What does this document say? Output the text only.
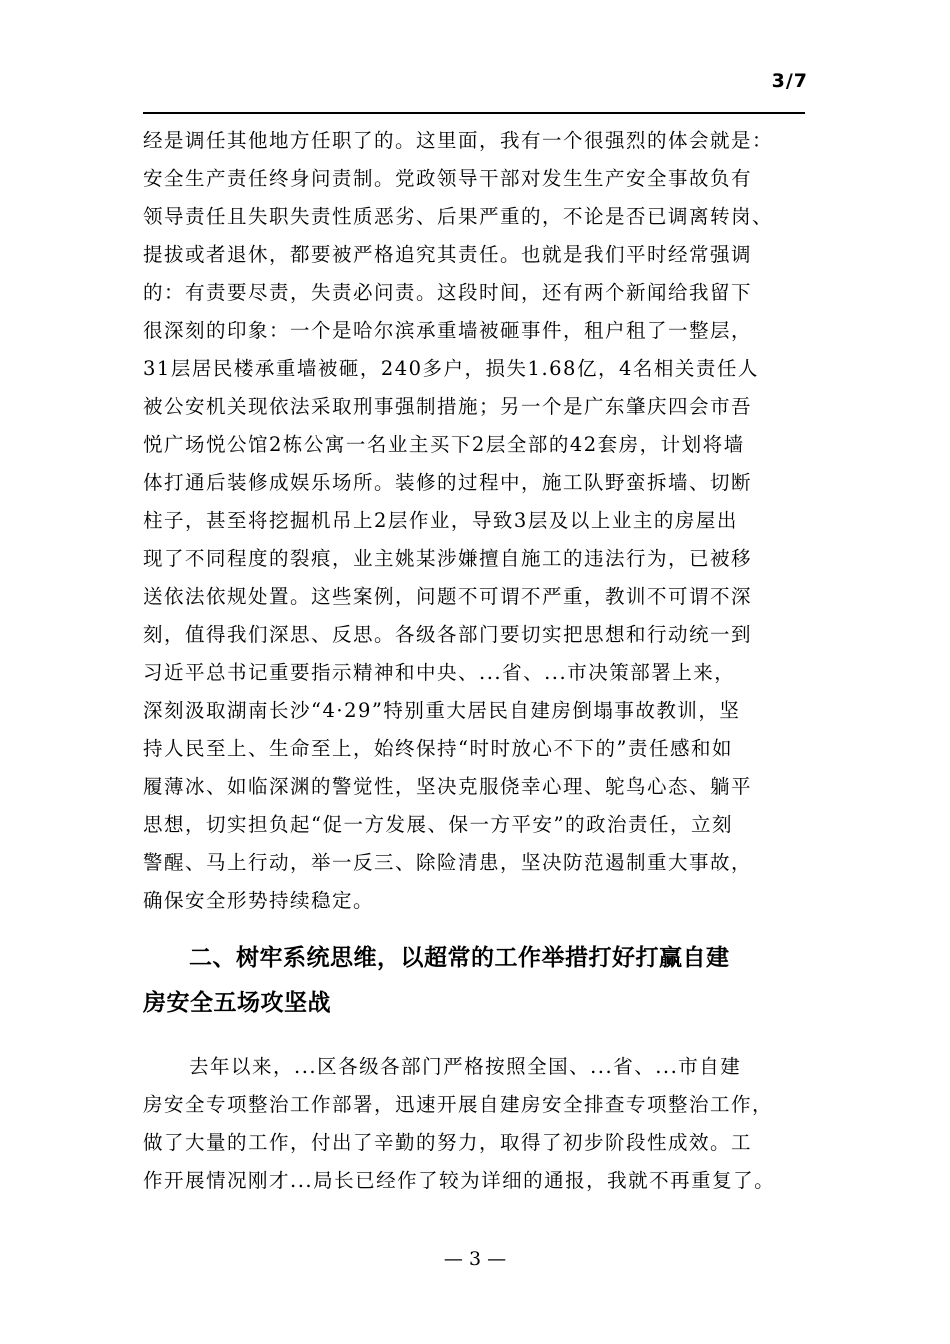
3/7
经是调任其他地方任职了的。这里面，我有一个很强烈的体会就是：
安全生产责任终身问责制。党政领导干部对发生生产安全事故负有
领导责任且失职失责性质恶劣、后果严重的，不论是否已调离转岗、
提拔或者退休，都要被严格追究其责任。也就是我们平时经常强调
的：有责要尽责，失责必问责。这段时间，还有两个新闻给我留下
很深刻的印象：一个是哈尔滨承重墙被砸事件，租户租了一整层，
31层居民楼承重墙被砸，240多户，损失1.68亿，4名相关责任人
被公安机关现依法采取刑事强制措施；另一个是广东肇庆四会市吾
悦广场悦公馆2栋公寓一名业主买下2层全部的42套房，计划将墙
体打通后装修成娱乐场所。装修的过程中，施工队野蛮拆墙、切断
柱子，甚至将挖掘机吊上2层作业，导致3层及以上业主的房屋出
现了不同程度的裂痕，业主姚某涉嫌擅自施工的违法行为，已被移
送依法依规处置。这些案例，问题不可谓不严重，教训不可谓不深
刻，值得我们深思、反思。各级各部门要切实把思想和行动统一到
习近平总书记重要指示精神和中央、...省、...市决策部署上来，
深刻汲取湖南长沙“4·29”特别重大居民自建房倒塌事故教训，坚
持人民至上、生命至上，始终保持“时时放心不下的”责任感和如
履薄冰、如临深渊的警觉性，坚决克服侥幸心理、鸵鸟心态、躺平
思想，切实担负起“促一方发展、保一方平安”的政治责任，立刻
警醒、马上行动，举一反三、除险清患，坚决防范遏制重大事故，
确保安全形势持续稳定。
二、树牢系统思维，以超常的工作举措打好打赢自建
房安全五场攻坚战
去年以来，...区各级各部门严格按照全国、...省、...市自建
房安全专项整治工作部署，迅速开展自建房安全排查专项整治工作，
做了大量的工作，付出了辛勤的努力，取得了初步阶段性成效。工
作开展情况刚才...局长已经作了较为详细的通报，我就不再重复了。
— 3 —
